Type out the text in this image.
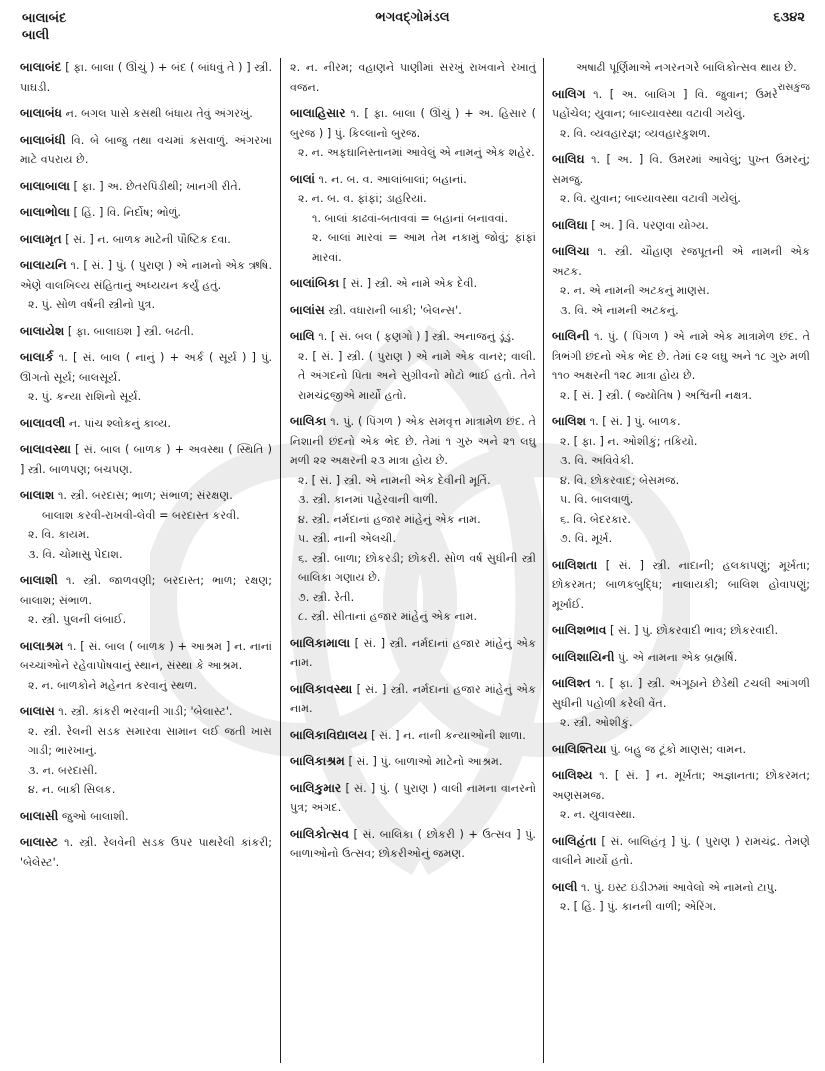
બાલાબંદ
બાલી
ભગવદ્ગોમંડલ	૬૩૪૨
બાલાબંદ [ ફા. બાલા ( ઊંચું ) + બંદ ( બાંધવું તે ) ] સ્ત્રી. પાઘડી.
બાલાબંધ ન. બગલ પાસે કસથી બંધાય તેવું અંગરખું.
બાલાબંધી વિ. બે બાજુ તથા વચમાં કસવાળું. અંગરખા માટે વપરાય છે.
બાલાબાલા [ ફા. ] અ. છેતરપિંડીથી; ખાનગી રીતે.
બાલાભોલા [ હિં. ] વિ. નિર્દોષ; ભોળું.
બાલામૃત [ સં. ] ન. બાળક માટેની પૌષ્ટિક દવા.
બાલાયનિ ૧. [ સં. ] પું. ( પુરાણ ) એ નામનો એક ઋષિ. એણે વાલખિલ્ય સંહિતાનું અધ્યયન કર્યું હતું.
૨. પું. સોળ વર્ષની સ્ત્રીનો પુત્ર.
બાલાયેશ [ ફા. બાલાઇશ ] સ્ત્રી. બઢતી.
બાલાર્ક ૧. [ સં. બાલ ( નાનું ) + અર્ક ( સૂર્ય ) ] પું. ઊગતો સૂર્ય; બાલસૂર્ય.
૨. પું. કન્યા રાશિનો સૂર્ય.
બાલાવલી ન. પાંચ શ્લોકનું કાવ્ય.
બાલાવસ્થા [ સં. બાલ ( બાળક ) + અવસ્થા ( સ્થિતિ ) ] સ્ત્રી. બાળપણ; બચપણ.
બાલાશ ૧. સ્ત્રી. બરદાસ; ભાળ; સંભાળ; સંરક્ષણ.
બાલાશ કરવી-રાખવી-લેવી = બરદાસ્ત કરવી.
૨. વિ. કાયમ.
૩. વિ. ચોમાસુ પેદાશ.
બાલાશી ૧. સ્ત્રી. જાળવણી; બરદાસ્ત; ભાળ; રક્ષણ; બાલાશ; સંભાળ.
૨. સ્ત્રી. પુલની લંબાઈ.
બાલાશ્રમ ૧. [ સં. બાલ ( બાળક ) + આશ્રમ ] ન. નાનાં બચ્ચાંઓને રહેવાપોષવાનું સ્થાન, સંસ્થા કે આશ્રમ.
૨. ન. બાળકોને મહેનત કરવાનું સ્થળ.
બાલાસ ૧. સ્ત્રી. કાંકરી ભરવાની ગાડી; 'બેલાસ્ટ'.
૨. સ્ત્રી. રેલની સડક સમારવા સામાન લઈ જતી ખાસ ગાડી; ભારખાનું.
૩. ન. બરદાસી.
૪. ન. બાકી સિલક.
બાલાસી જુઓ બાલાશી.
બાલાસ્ટ ૧. સ્ત્રી. રેલવેની સડક ઉપર પાથરેલી કાંકરી; 'બેલેસ્ટ'.
૨. ન. નીરમ; વહાણને પાણીમાં સરખું રાખવાને રખાતું વજન.
બાલાહિસાર ૧. [ ફા. બાલા ( ઊંચું ) + અ. હિસાર ( બુરજ ) ] પું. કિલ્લાનો બુરજ.
૨. ન. અફઘાનિસ્તાનમાં આવેલું એ નામનું એક શહેર.
બાલાં ૧. ન. બ. વ. આલાંબાલાં; બહાનાં.
૨. ન. બ. વ. ફાંફાં; ડાહરિયાં.
૧. બાલાં કાઢવાં-બતાવવાં = બહાનાં બનાવવાં.
૨. બાલાં મારવાં = આમ તેમ નકામું જોવું; ફાંફાં મારવાં.
બાલાંબિકા [ સં. ] સ્ત્રી. એ નામે એક દેવી.
બાલાંસ સ્ત્રી. વધારાની બાકી; 'બેલન્સ'.
બાલિ ૧. [ સં. બલ ( ફણગો ) ] સ્ત્રી. અનાજનું ડૂંડું.
૨. [ સં. ] સ્ત્રી. ( પુરાણ ) એ નામે એક વાનર; વાલી. તે અંગદનો પિતા અને સુગ્રીવનો મોટો ભાઈ હતો. તેને રામચંદ્રજીએ માર્યો હતો.
બાલિકા ૧. પું. ( પિંગળ ) એક સમવૃત્ત માત્રામેળ છંદ. તે નિશાની છંદનો એક ભેદ છે. તેમાં ૧ ગુરુ અને ૨૧ લઘુ મળી ૨૨ અક્ષરની ૨૩ માત્રા હોય છે.
૨. [ સં. ] સ્ત્રી. એ નામની એક દેવીની મૂર્તિ.
૩. સ્ત્રી. કાનમાં પહેરવાની વાળી.
૪. સ્ત્રી. નર્મદાનાં હજાર માંહેનું એક નામ.
૫. સ્ત્રી. નાની એલચી.
૬. સ્ત્રી. બાળા; છોકરડી; છોકરી. સોળ વર્ષ સુધીની સ્ત્રી બાલિકા ગણાય છે.
૭. સ્ત્રી. રેતી.
૮. સ્ત્રી. સીતાનાં હજાર માંહેનું એક નામ.
બાલિકામાલા [ સં. ] સ્ત્રી. નર્મદાનાં હજાર માંહેનું એક નામ.
બાલિકાવસ્થા [ સં. ] સ્ત્રી. નર્મદાનાં હજાર માંહેનું એક નામ.
બાલિકાવિદ્યાલય [ સં. ] ન. નાની કન્યાઓની શાળા.
બાલિકાશ્રમ [ સં. ] પું. બાળાઓ માટેનો આશ્રમ.
બાલિકુમાર [ સં. ] પું. ( પુરાણ ) વાલી નામના વાનરનો પુત્ર; અંગદ.
બાલિકોત્સવ [ સં. બાલિકા ( છોકરી ) + ઉત્સવ ] પું. બાળાઓનો ઉત્સવ; છોકરીઓનું જમણ.
અષાઢી પૂર્ણિમાએ નગરનગરે બાલિકોત્સવ થાય છે.

રાસકુંજ
બાલિગ ૧. [ અ. બાલિગ ] વિ. જુવાન; ઉમરે પહોંચેલ; યુવાન; બાલ્યાવસ્થા વટાવી ગયેલું.
૨. વિ. વ્યવહારજ્ઞ; વ્યવહારકુશળ.
બાલિઘ ૧. [ અ. ] વિ. ઉમરમાં આવેલું; પુખ્ત ઉમરનું; સમજુ.
૨. વિ. યુવાન; બાલ્યાવસ્થા વટાવી ગયેલું.
બાલિઘા [ અ. ] વિ. પરણવા યોગ્ય.
બાલિચા ૧. સ્ત્રી. ચૌહાણ રજપૂતની એ નામની એક અટક.
૨. ન. એ નામની અટકનું માણસ.
૩. વિ. એ નામની અટકનું.
બાલિની ૧. પું. ( પિંગળ ) એ નામે એક માત્રામેળ છંદ. તે ત્રિભંગી છંદનો એક ભેદ છે. તેમાં ૯૨ લઘુ અને ૧૮ ગુરુ મળી ૧૧૦ અક્ષરની ૧૨૮ માત્રા હોય છે.
૨. [ સં. ] સ્ત્રી. ( જ્યોતિષ ) અશ્વિની નક્ષત્ર.
બાલિશ ૧. [ સં. ] પું. બાળક.
૨. [ ફા. ] ન. ઓશીકું; તકિયો.
૩. વિ. અવિવેકી.
૪. વિ. છોકરવાદ; બેસમજ.
૫. વિ. બાલવાળું.
૬. વિ. બેદરકાર.
૭. વિ. મૂર્ખ.
બાલિશતા [ સં. ] સ્ત્રી. નાદાની; હલકાપણું; મૂર્ખતા; છોકરમત; બાળકબુદ્ધિ; નાલાયકી; બાલિશ હોવાપણું; મૂર્ખાઈ.
બાલિશભાવ [ સં. ] પું. છોકરવાદી ભાવ; છોકરવાદી.
બાલિશાયિની પું. એ નામના એક બ્રહ્મર્ષિ.
બાલિશ્ત ૧. [ ફા. ] સ્ત્રી. અંગૂઠાને છેડેથી ટચલી આંગળી સુધીની પહોળી કરેલી વેંત.
૨. સ્ત્રી. ઓશીકું.
બાલિશ્તિયા પું. બહુ જ ટૂંકો માણસ; વામન.
બાલિશ્ય ૧. [ સં. ] ન. મૂર્ખતા; અજ્ઞાનતા; છોકરમત; અણસમજ.
૨. ન. યુવાવસ્થા.
બાલિહંતા [ સં. બાલિહંતૃ ] પું. ( પુરાણ ) રામચંદ્ર. તેમણે વાલીને માર્યો હતો.
બાલી ૧. પું. ઇસ્ટ ઇંડીઝમાં આવેલો એ નામનો ટાપુ.
૨. [ હિં. ] પું. કાનની વાળી; એરિંગ.
